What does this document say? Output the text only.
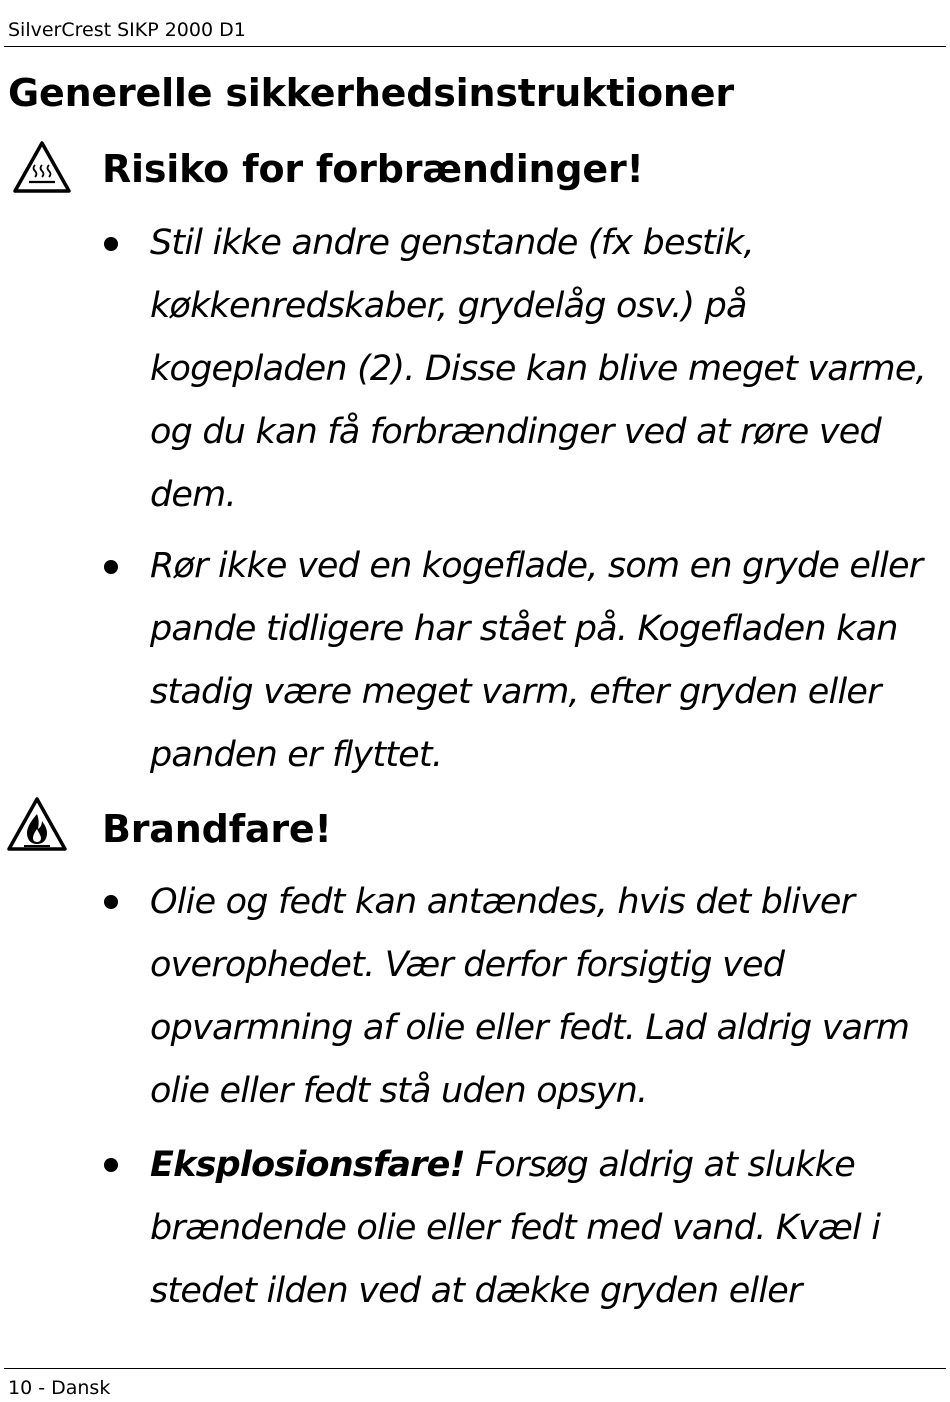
SilverCrest SIKP 2000 D1
Generelle sikkerhedsinstruktioner
Risiko for forbrændinger!

Stil ikke andre genstande (fx bestik, køkkenredskaber, grydelåg osv.) på kogepladen (2). Disse kan blive meget varme, og du kan få forbrændinger ved at røre ved dem.

Rør ikke ved en kogeflade, som en gryde eller pande tidligere har stået på. Kogefladen kan stadig være meget varm, efter gryden eller panden er flyttet.

Brandfare!

Olie og fedt kan antændes, hvis det bliver overophedet. Vær derfor forsigtig ved opvarmning af olie eller fedt. Lad aldrig varm olie eller fedt stå uden opsyn.

Eksplosionsfare! Forsøg aldrig at slukke brændende olie eller fedt med vand. Kvæl i stedet ilden ved at dække gryden eller

10 - Dansk
